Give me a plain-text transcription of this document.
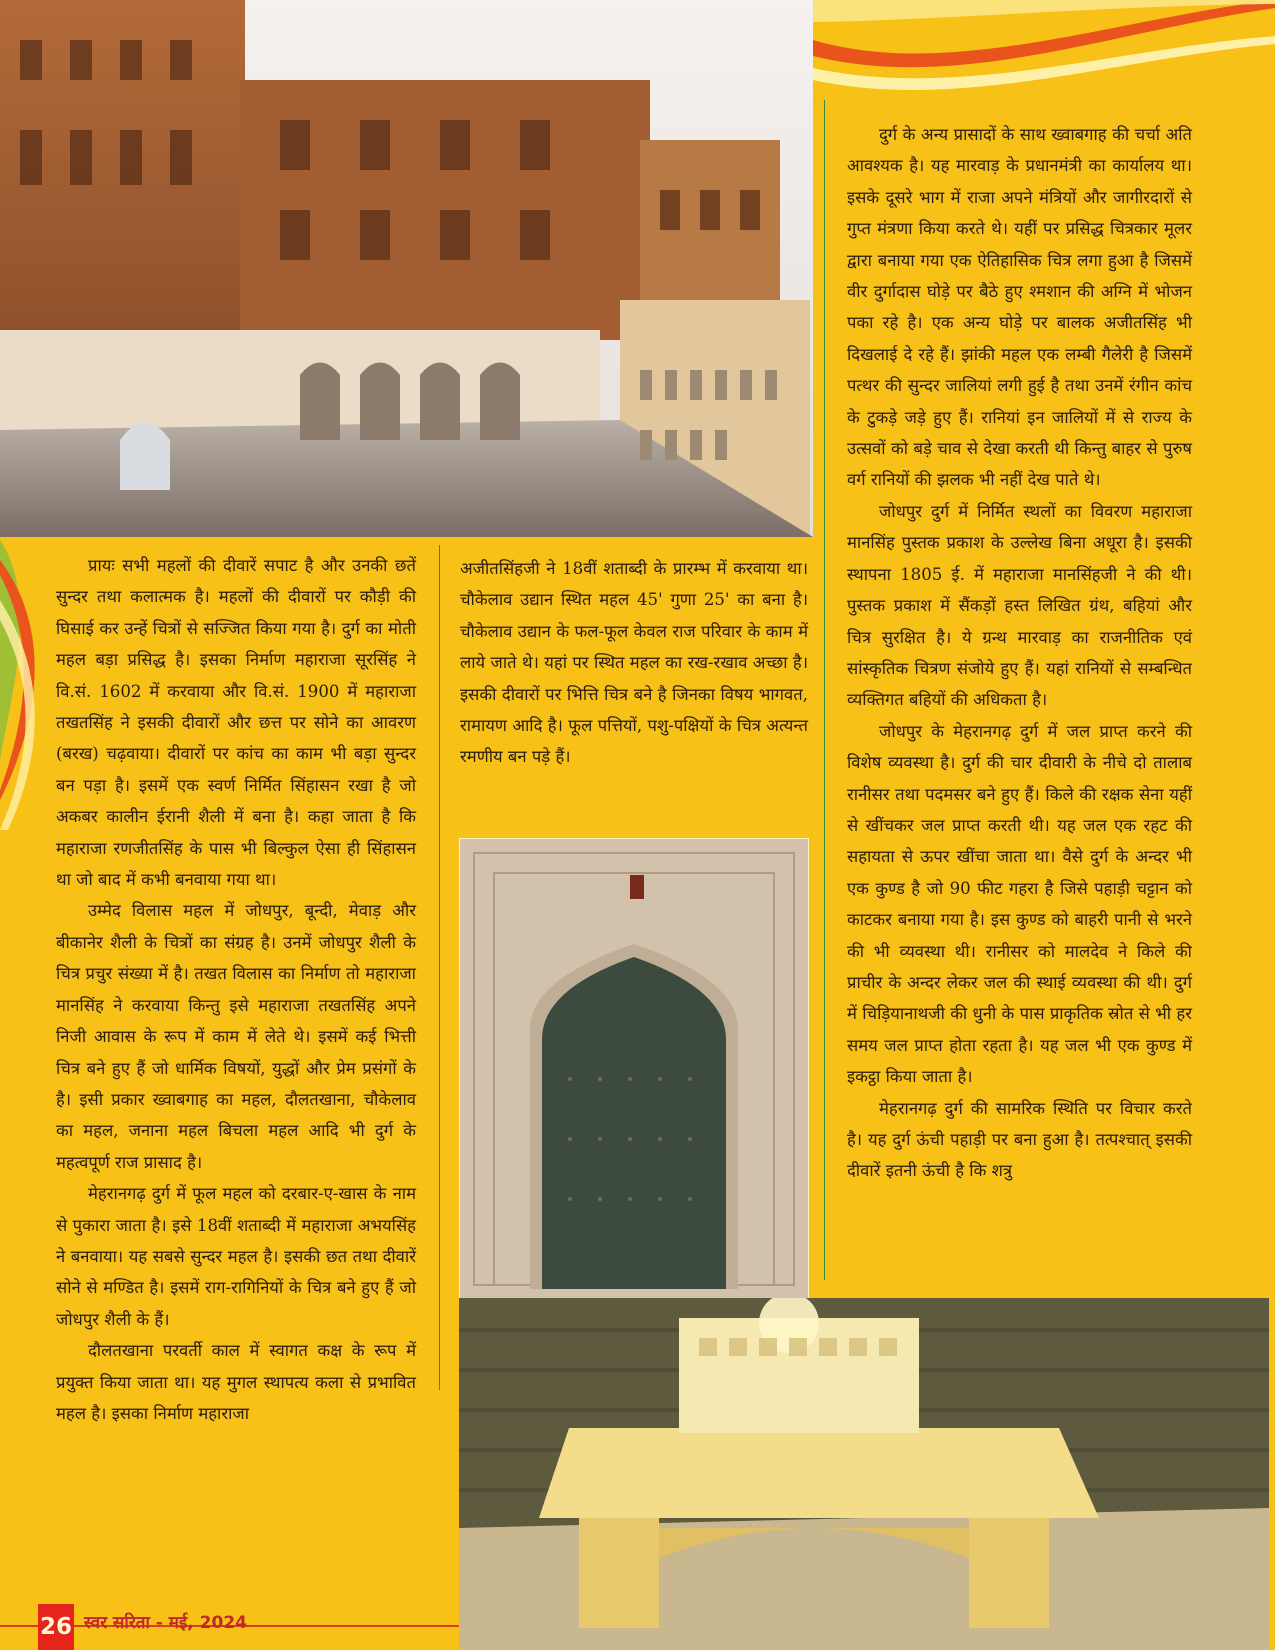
प्रायः सभी महलों की दीवारें सपाट है और उनकी छतें सुन्दर तथा कलात्मक है। महलों की दीवारों पर कौड़ी की घिसाई कर उन्हें चित्रों से सज्जित किया गया है। दुर्ग का मोती महल बड़ा प्रसिद्ध है। इसका निर्माण महाराजा सूरसिंह ने वि.सं. 1602 में करवाया और वि.सं. 1900 में महाराजा तखतसिंह ने इसकी दीवारों और छत्त पर सोने का आवरण (बरख) चढ़वाया। दीवारों पर कांच का काम भी बड़ा सुन्दर बन पड़ा है। इसमें एक स्वर्ण निर्मित सिंहासन रखा है जो अकबर कालीन ईरानी शैली में बना है। कहा जाता है कि महाराजा रणजीतसिंह के पास भी बिल्कुल ऐसा ही सिंहासन था जो बाद में कभी बनवाया गया था।

उम्मेद विलास महल में जोधपुर, बून्दी, मेवाड़ और बीकानेर शैली के चित्रों का संग्रह है। उनमें जोधपुर शैली के चित्र प्रचुर संख्या में है। तखत विलास का निर्माण तो महाराजा मानसिंह ने करवाया किन्तु इसे महाराजा तखतसिंह अपने निजी आवास के रूप में काम में लेते थे। इसमें कई भित्ती चित्र बने हुए हैं जो धार्मिक विषयों, युद्धों और प्रेम प्रसंगों के है। इसी प्रकार ख्वाबगाह का महल, दौलतखाना, चौकेलाव का महल, जनाना महल बिचला महल आदि भी दुर्ग के महत्वपूर्ण राज प्रासाद है।

मेहरानगढ़ दुर्ग में फूल महल को दरबार-ए-खास के नाम से पुकारा जाता है। इसे 18वीं शताब्दी में महाराजा अभयसिंह ने बनवाया। यह सबसे सुन्दर महल है। इसकी छत तथा दीवारें सोने से मण्डित है। इसमें राग-रागिनियों के चित्र बने हुए हैं जो जोधपुर शैली के हैं।

दौलतखाना परवर्ती काल में स्वागत कक्ष के रूप में प्रयुक्त किया जाता था। यह मुगल स्थापत्य कला से प्रभावित महल है। इसका निर्माण महाराजा

अजीतसिंहजी ने 18वीं शताब्दी के प्रारम्भ में करवाया था। चौकेलाव उद्यान स्थित महल 45' गुणा 25' का बना है। चौकेलाव उद्यान के फल-फूल केवल राज परिवार के काम में लाये जाते थे। यहां पर स्थित महल का रख-रखाव अच्छा है। इसकी दीवारों पर भित्ति चित्र बने है जिनका विषय भागवत, रामायण आदि है। फूल पत्तियों, पशु-पक्षियों के चित्र अत्यन्त रमणीय बन पड़े हैं।

दुर्ग के अन्य प्रासादों के साथ ख्वाबगाह की चर्चा अति आवश्यक है। यह मारवाड़ के प्रधानमंत्री का कार्यालय था। इसके दूसरे भाग में राजा अपने मंत्रियों और जागीरदारों से गुप्त मंत्रणा किया करते थे। यहीं पर प्रसिद्ध चित्रकार मूलर द्वारा बनाया गया एक ऐतिहासिक चित्र लगा हुआ है जिसमें वीर दुर्गादास घोड़े पर बैठे हुए श्मशान की अग्नि में भोजन पका रहे है। एक अन्य घोड़े पर बालक अजीतसिंह भी दिखलाई दे रहे हैं। झांकी महल एक लम्बी गैलेरी है जिसमें पत्थर की सुन्दर जालियां लगी हुई है तथा उनमें रंगीन कांच के टुकड़े जड़े हुए हैं। रानियां इन जालियों में से राज्य के उत्सवों को बड़े चाव से देखा करती थी किन्तु बाहर से पुरुष वर्ग रानियों की झलक भी नहीं देख पाते थे।

जोधपुर दुर्ग में निर्मित स्थलों का विवरण महाराजा मानसिंह पुस्तक प्रकाश के उल्लेख बिना अधूरा है। इसकी स्थापना 1805 ई. में महाराजा मानसिंहजी ने की थी। पुस्तक प्रकाश में सैंकड़ों हस्त लिखित ग्रंथ, बहियां और चित्र सुरक्षित है। ये ग्रन्थ मारवाड़ का राजनीतिक एवं सांस्कृतिक चित्रण संजोये हुए हैं। यहां रानियों से सम्बन्धित व्यक्तिगत बहियों की अधिकता है।

जोधपुर के मेहरानगढ़ दुर्ग में जल प्राप्त करने की विशेष व्यवस्था है। दुर्ग की चार दीवारी के नीचे दो तालाब रानीसर तथा पदमसर बने हुए हैं। किले की रक्षक सेना यहीं से खींचकर जल प्राप्त करती थी। यह जल एक रहट की सहायता से ऊपर खींचा जाता था। वैसे दुर्ग के अन्दर भी एक कुण्ड है जो 90 फीट गहरा है जिसे पहाड़ी चट्टान को काटकर बनाया गया है। इस कुण्ड को बाहरी पानी से भरने की भी व्यवस्था थी। रानीसर को मालदेव ने किले की प्राचीर के अन्दर लेकर जल की स्थाई व्यवस्था की थी। दुर्ग में चिड़ियानाथजी की धुनी के पास प्राकृतिक स्रोत से भी हर समय जल प्राप्त होता रहता है। यह जल भी एक कुण्ड में इकट्ठा किया जाता है।

मेहरानगढ़ दुर्ग की सामरिक स्थिति पर विचार करते है। यह दुर्ग ऊंची पहाड़ी पर बना हुआ है। तत्पश्चात् इसकी दीवारें इतनी ऊंची है कि शत्रु

26 स्वर सरिता - मई, 2024
